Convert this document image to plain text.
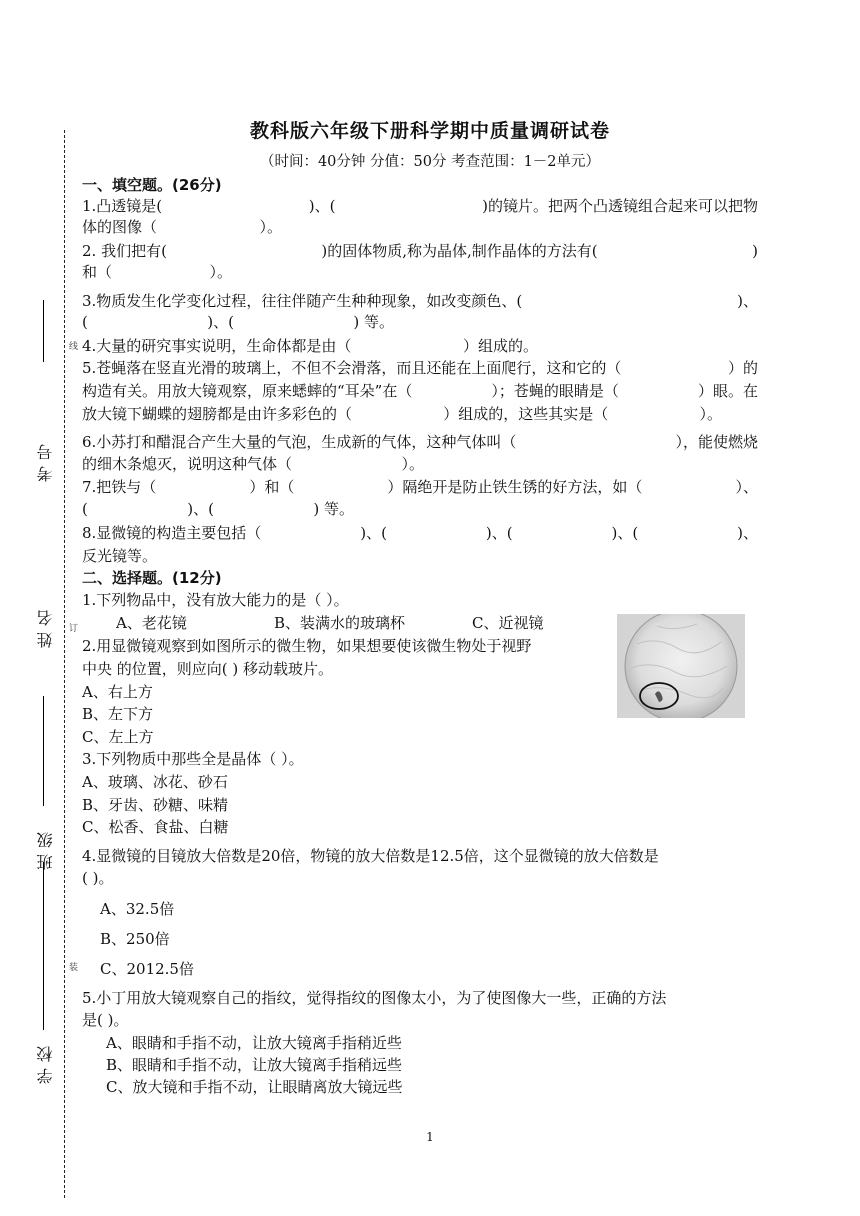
考号
姓名
班级
学校
线
订
装
教科版六年级下册科学期中质量调研试卷
（时间：40分钟 分值：50分 考查范围：1－2单元）
一、填空题。(26分)
1.凸透镜是(	)、(	)的镜片。把两个凸透镜组合起来可以把物
体的图像（	）。
2. 我们把有(	)的固体物质,称为晶体,制作晶体的方法有(	)
和（	）。
3.物质发生化学变化过程，往往伴随产生种种现象，如改变颜色、(	)、
(	)、(	) 等。
4.大量的研究事实说明，生命体都是由（	）组成的。
5.苍蝇落在竖直光滑的玻璃上，不但不会滑落，而且还能在上面爬行，这和它的（	）的
构造有关。用放大镜观察，原来蟋蟀的“耳朵”在（	）；苍蝇的眼睛是（	）眼。在
放大镜下蝴蝶的翅膀都是由许多彩色的（	）组成的，这些其实是（	）。
6.小苏打和醋混合产生大量的气泡，生成新的气体，这种气体叫（	），能使燃烧
的细木条熄灭，说明这种气体（	）。
7.把铁与（	）和（	）隔绝开是防止铁生锈的好方法，如（	）、
(	)、(	) 等。
8.显微镜的构造主要包括（	)、(	)、(	)、(	)、
反光镜等。
二、选择题。(12分)
1.下列物品中，没有放大能力的是（ ）。
A、老花镜	B、装满水的玻璃杯	C、近视镜
2.用显微镜观察到如图所示的微生物，如果想要使该微生物处于视野
中央 的位置，则应向( ) 移动载玻片。
A、右上方
B、左下方
C、左上方
3.下列物质中那些全是晶体（ ）。
A、玻璃、冰花、砂石
B、牙齿、砂糖、味精
C、松香、食盐、白糖
4.显微镜的目镜放大倍数是20倍，物镜的放大倍数是12.5倍，这个显微镜的放大倍数是
( )。
A、32.5倍
B、250倍
C、2012.5倍
5.小丁用放大镜观察自己的指纹，觉得指纹的图像太小，为了使图像大一些，正确的方法
是( )。
A、眼睛和手指不动，让放大镜离手指稍近些
B、眼睛和手指不动，让放大镜离手指稍远些
C、放大镜和手指不动，让眼睛离放大镜远些
1
